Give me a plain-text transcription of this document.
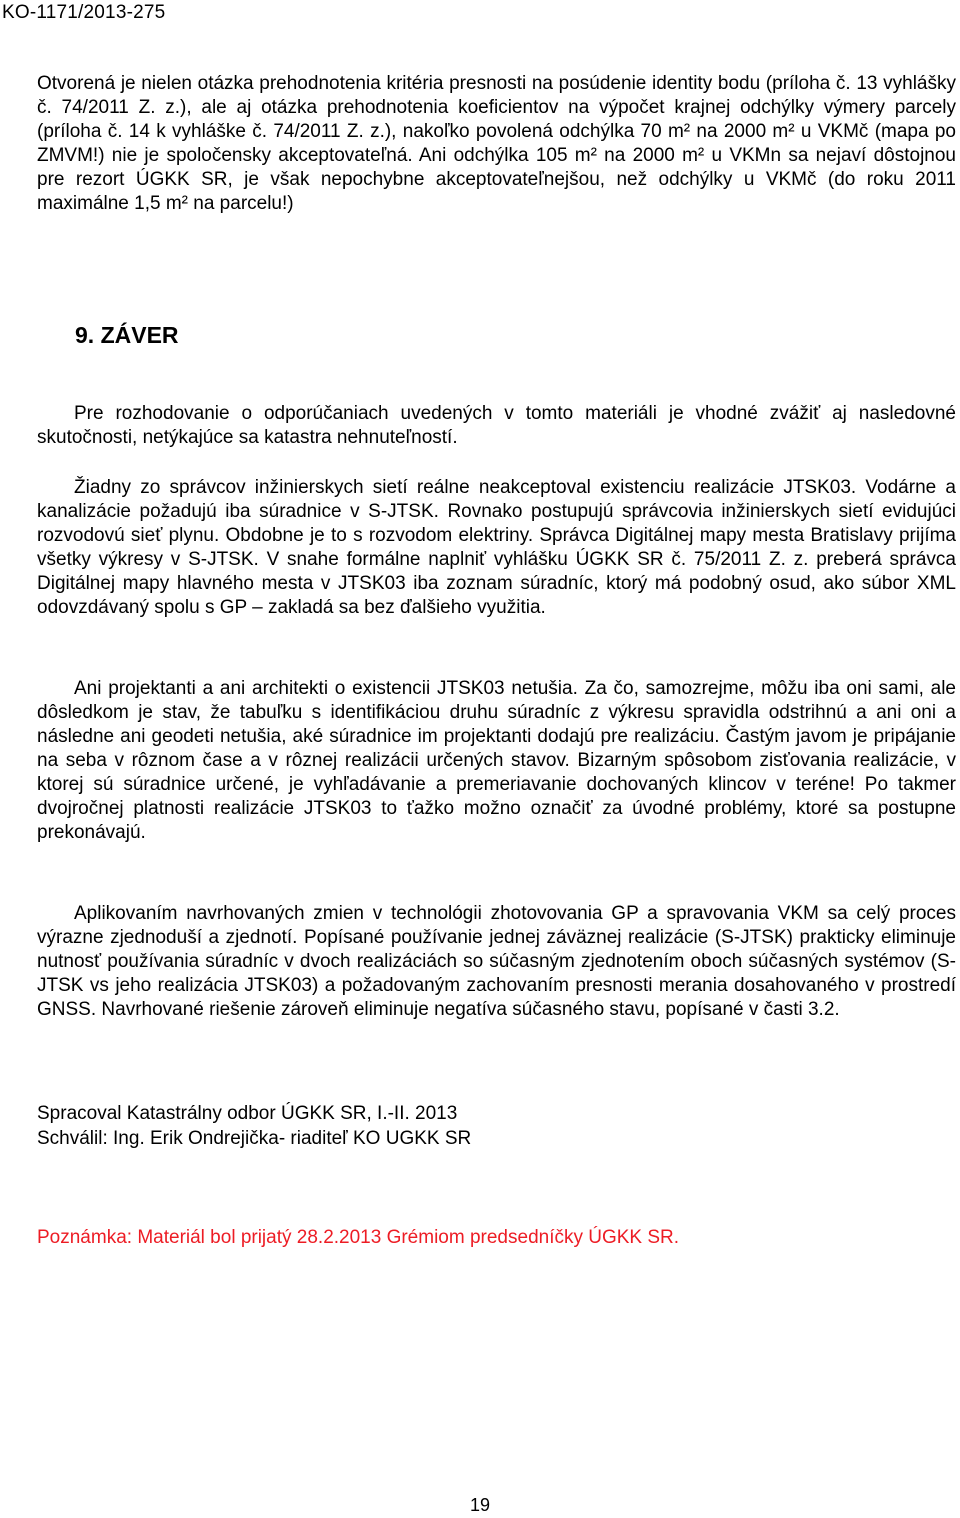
KO-1171/2013-275

Otvorená je nielen otázka prehodnotenia kritéria presnosti na posúdenie identity bodu (príloha č. 13 vyhlášky č. 74/2011 Z. z.), ale aj otázka prehodnotenia koeficientov na výpočet krajnej odchýlky výmery parcely (príloha č. 14 k vyhláške č. 74/2011 Z. z.), nakoľko povolená odchýlka 70 m² na 2000 m² u VKMč (mapa po ZMVM!) nie je spoločensky akceptovateľná. Ani odchýlka 105 m² na 2000 m² u VKMn sa nejaví dôstojnou pre rezort ÚGKK SR, je však nepochybne akceptovateľnejšou, než odchýlky u VKMč (do roku 2011 maximálne 1,5 m² na parcelu!)

9. ZÁVER

Pre rozhodovanie o odporúčaniach uvedených v tomto materiáli je vhodné zvážiť aj nasledovné skutočnosti, netýkajúce sa katastra nehnuteľností.

Žiadny zo správcov inžinierskych sietí reálne neakceptoval existenciu realizácie JTSK03. Vodárne a kanalizácie požadujú iba súradnice v S-JTSK. Rovnako postupujú správcovia inžinierskych sietí evidujúci rozvodovú sieť plynu. Obdobne je to s rozvodom elektriny. Správca Digitálnej mapy mesta Bratislavy prijíma všetky výkresy v S-JTSK. V snahe formálne naplniť vyhlášku ÚGKK SR č. 75/2011 Z. z. preberá správca Digitálnej mapy hlavného mesta v JTSK03 iba zoznam súradníc, ktorý má podobný osud, ako súbor XML odovzdávaný spolu s GP – zakladá sa bez ďalšieho využitia.

Ani projektanti a ani architekti o existencii JTSK03 netušia. Za čo, samozrejme, môžu iba oni sami, ale dôsledkom je stav, že tabuľku s identifikáciou druhu súradníc z výkresu spravidla odstrihnú a ani oni a následne ani geodeti netušia, aké súradnice im projektanti dodajú pre realizáciu. Častým javom je pripájanie na seba v rôznom čase a v rôznej realizácii určených stavov. Bizarným spôsobom zisťovania realizácie, v ktorej sú súradnice určené, je vyhľadávanie a premeriavanie dochovaných klincov v teréne! Po takmer dvojročnej platnosti realizácie JTSK03 to ťažko možno označiť za úvodné problémy, ktoré sa postupne prekonávajú.

Aplikovaním navrhovaných zmien v technológii zhotovovania GP a spravovania VKM sa celý proces výrazne zjednoduší a zjednotí. Popísané používanie jednej záväznej realizácie (S-JTSK) prakticky eliminuje nutnosť používania súradníc v dvoch realizáciách so súčasným zjednotením oboch súčasných systémov (S-JTSK vs jeho realizácia JTSK03) a požadovaným zachovaním presnosti merania dosahovaného v prostredí GNSS. Navrhované riešenie zároveň eliminuje negatíva súčasného stavu, popísané v časti 3.2.

Spracoval Katastrálny odbor ÚGKK SR, I.-II. 2013
Schválil: Ing. Erik Ondrejička- riaditeľ KO UGKK SR
Poznámka: Materiál bol prijatý 28.2.2013 Grémiom predsedníčky ÚGKK SR.
19
